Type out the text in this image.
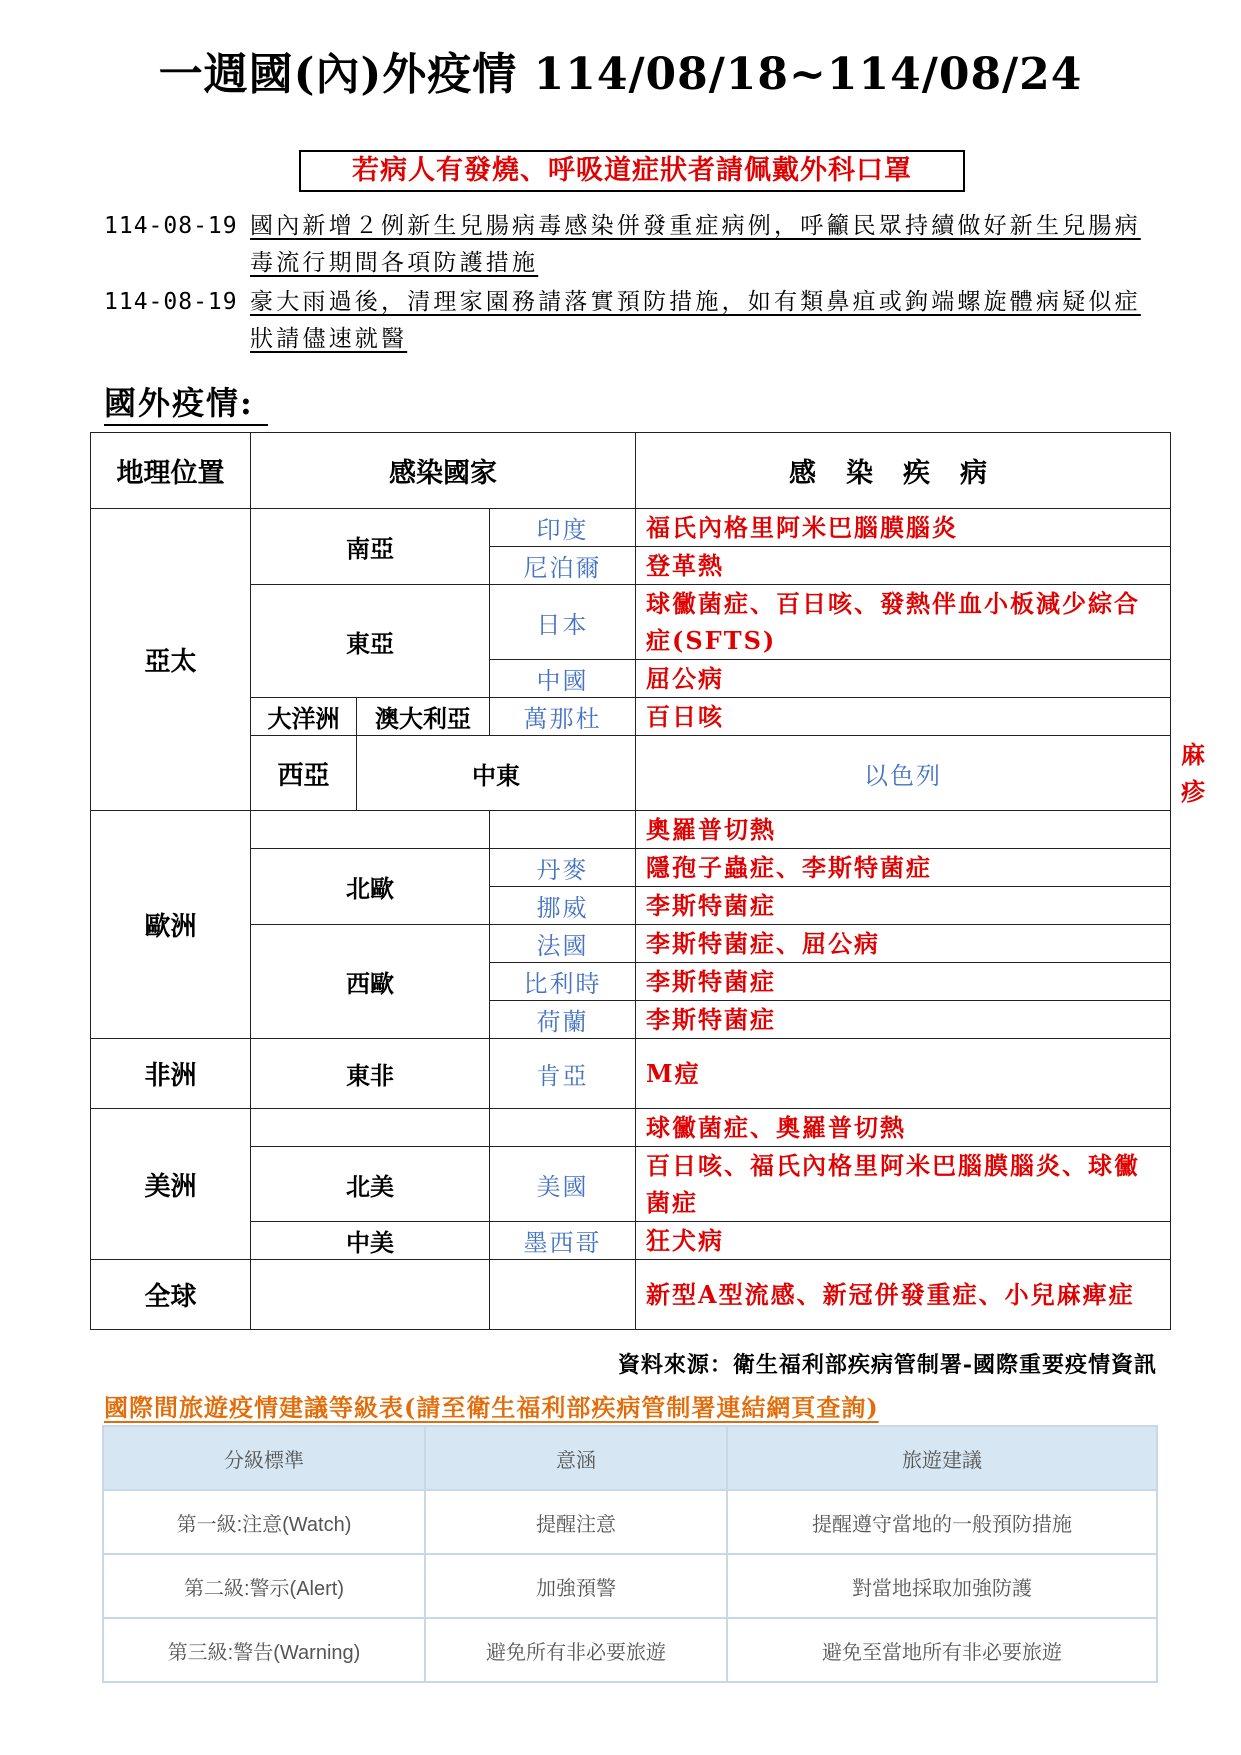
一週國(內)外疫情 114/08/18~114/08/24
若病人有發燒、呼吸道症狀者請佩戴外科口罩
114-08-19 國內新增２例新生兒腸病毒感染併發重症病例，呼籲民眾持續做好新生兒腸病毒流行期間各項防護措施
114-08-19 豪大雨過後，清理家園務請落實預防措施，如有類鼻疽或鉤端螺旋體病疑似症狀請儘速就醫
國外疫情:
地理位置	感染國家			感染疾病	
亞太	南亞		印度	福氏內格里阿米巴腦膜腦炎	
			尼泊爾	登革熱	
	東亞		日本	球黴菌症、百日咳、發熱伴血小板減少綜合症(SFTS)	
			中國	屈公病	
	大洋洲	澳大利亞	萬那杜	百日咳	
	西亞	中東		以色列	麻疹
歐洲				奧羅普切熱	
	北歐		丹麥	隱孢子蟲症、李斯特菌症	
			挪威	李斯特菌症	
	西歐		法國	李斯特菌症、屈公病	
			比利時	李斯特菌症	
			荷蘭	李斯特菌症	
非洲	東非		肯亞	M痘	
美洲				球黴菌症、奧羅普切熱	
	北美		美國	百日咳、福氏內格里阿米巴腦膜腦炎、球黴菌症	
	中美		墨西哥	狂犬病	
全球				新型A型流感、新冠併發重症、小兒麻痺症	
資料來源：衛生福利部疾病管制署-國際重要疫情資訊
國際間旅遊疫情建議等級表(請至衛生福利部疾病管制署連結網頁查詢)
分級標準	意涵	旅遊建議
第一級:注意(Watch)	提醒注意	提醒遵守當地的一般預防措施
第二級:警示(Alert)	加強預警	對當地採取加強防護
第三級:警告(Warning)	避免所有非必要旅遊	避免至當地所有非必要旅遊
